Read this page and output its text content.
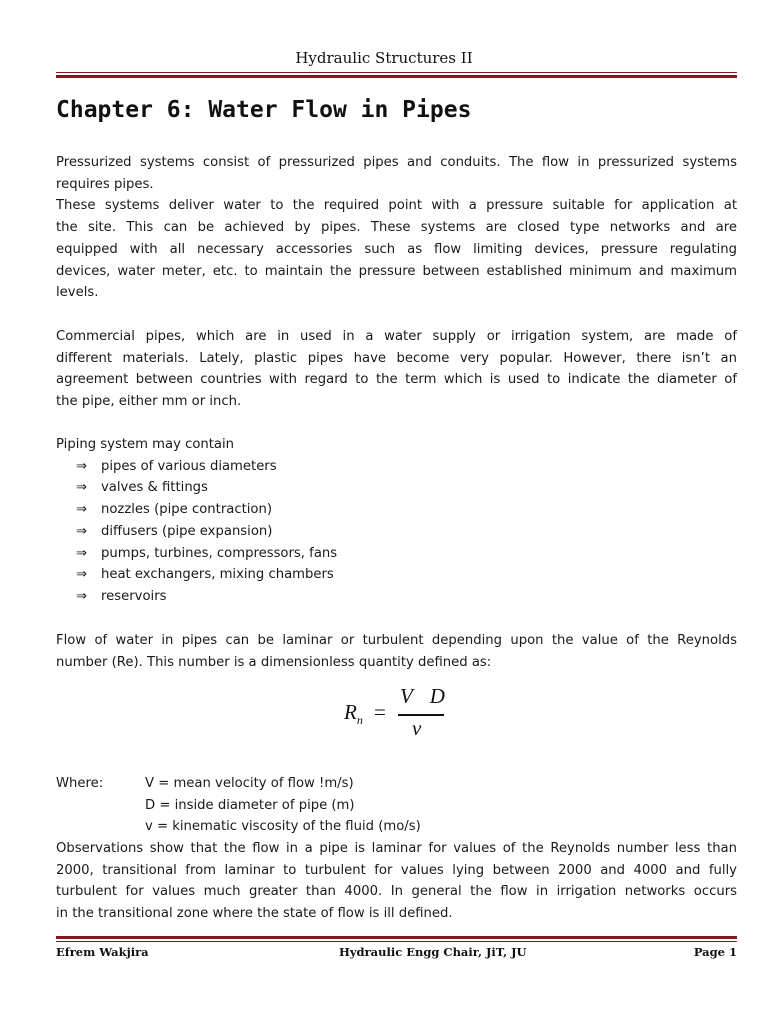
Hydraulic Structures II
Chapter 6: Water Flow in Pipes
Pressurized systems consist of pressurized pipes and conduits. The flow in pressurized systems
requires pipes.
These systems deliver water to the required point with a pressure suitable for application at
the site. This can be achieved by pipes. These systems are closed type networks and are
equipped with all necessary accessories such as flow limiting devices, pressure regulating
devices, water meter, etc. to maintain the pressure between established minimum and maximum
levels.
Commercial pipes, which are in used in a water supply or irrigation system, are made of
different materials. Lately, plastic pipes have become very popular. However, there isn’t an
agreement between countries with regard to the term which is used to indicate the diameter of
the pipe, either mm or inch.
Piping system may contain
⇒ pipes of various diameters
⇒ valves & fittings
⇒ nozzles (pipe contraction)
⇒ diffusers (pipe expansion)
⇒ pumps, turbines, compressors, fans
⇒ heat exchangers, mixing chambers
⇒ reservoirs
Flow of water in pipes can be laminar or turbulent depending upon the value of the Reynolds
number (Re). This number is a dimensionless quantity defined as:
$R_n$ =
V D
ν
Where:	V = mean velocity of flow !m/s)
D = inside diameter of pipe (m)
v = kinematic viscosity of the fluid (mo/s)
Observations show that the flow in a pipe is laminar for values of the Reynolds number less than
2000, transitional from laminar to turbulent for values lying between 2000 and 4000 and fully
turbulent for values much greater than 4000. In general the flow in irrigation networks occurs
in the transitional zone where the state of flow is ill defined.
Efrem Wakjira	Hydraulic Engg Chair, JiT, JU	Page 1
